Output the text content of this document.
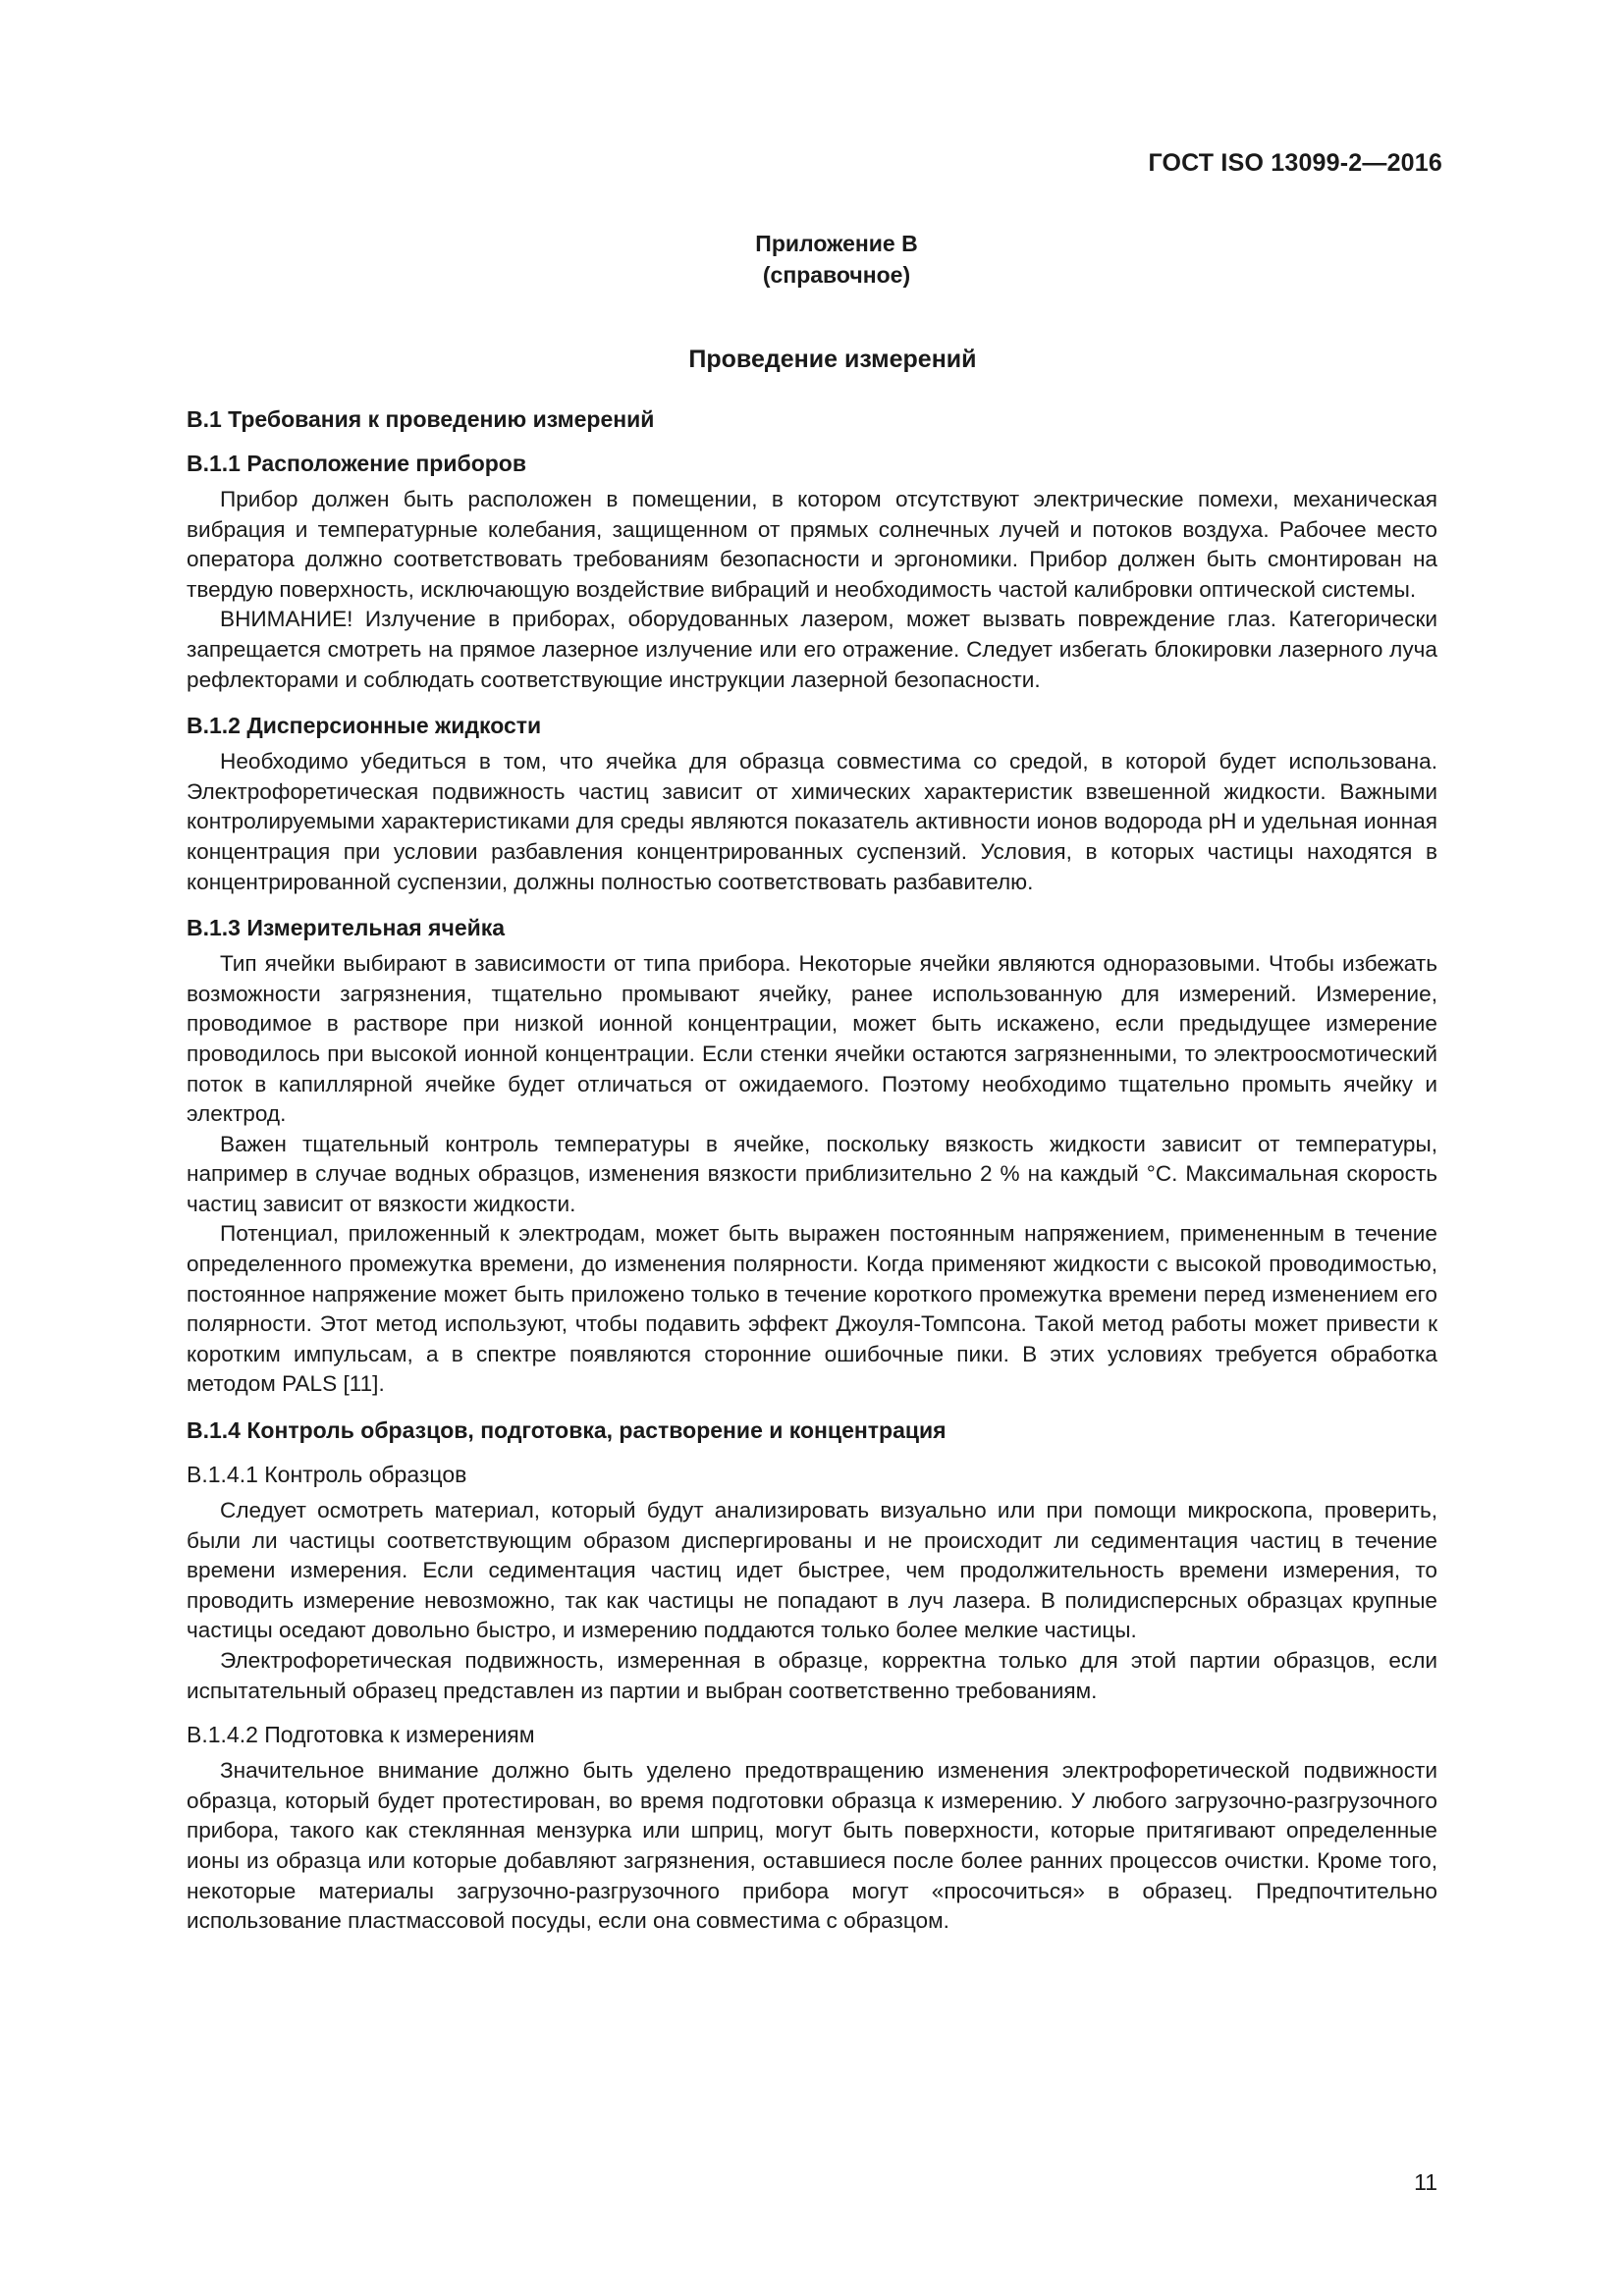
ГОСТ ISO 13099-2—2016
Приложение В
(справочное)
Проведение измерений
В.1 Требования к проведению измерений
В.1.1 Расположение приборов

Прибор должен быть расположен в помещении, в котором отсутствуют электрические помехи, механическая вибрация и температурные колебания, защищенном от прямых солнечных лучей и потоков воздуха. Рабочее место оператора должно соответствовать требованиям безопасности и эргономики. Прибор должен быть смонтирован на твердую поверхность, исключающую воздействие вибраций и необходимость частой калибровки оптической системы.

ВНИМАНИЕ! Излучение в приборах, оборудованных лазером, может вызвать повреждение глаз. Категорически запрещается смотреть на прямое лазерное излучение или его отражение. Следует избегать блокировки лазерного луча рефлекторами и соблюдать соответствующие инструкции лазерной безопасности.

В.1.2 Дисперсионные жидкости

Необходимо убедиться в том, что ячейка для образца совместима со средой, в которой будет использована. Электрофоретическая подвижность частиц зависит от химических характеристик взвешенной жидкости. Важными контролируемыми характеристиками для среды являются показатель активности ионов водорода pH и удельная ионная концентрация при условии разбавления концентрированных суспензий. Условия, в которых частицы находятся в концентрированной суспензии, должны полностью соответствовать разбавителю.

В.1.3 Измерительная ячейка

Тип ячейки выбирают в зависимости от типа прибора. Некоторые ячейки являются одноразовыми. Чтобы избежать возможности загрязнения, тщательно промывают ячейку, ранее использованную для измерений. Измерение, проводимое в растворе при низкой ионной концентрации, может быть искажено, если предыдущее измерение проводилось при высокой ионной концентрации. Если стенки ячейки остаются загрязненными, то электроосмотический поток в капиллярной ячейке будет отличаться от ожидаемого. Поэтому необходимо тщательно промыть ячейку и электрод.

Важен тщательный контроль температуры в ячейке, поскольку вязкость жидкости зависит от температуры, например в случае водных образцов, изменения вязкости приблизительно 2 % на каждый °C. Максимальная скорость частиц зависит от вязкости жидкости.

Потенциал, приложенный к электродам, может быть выражен постоянным напряжением, примененным в течение определенного промежутка времени, до изменения полярности. Когда применяют жидкости с высокой проводимостью, постоянное напряжение может быть приложено только в течение короткого промежутка времени перед изменением его полярности. Этот метод используют, чтобы подавить эффект Джоуля-Томпсона. Такой метод работы может привести к коротким импульсам, а в спектре появляются сторонние ошибочные пики. В этих условиях требуется обработка методом PALS [11].

В.1.4 Контроль образцов, подготовка, растворение и концентрация
В.1.4.1 Контроль образцов

Следует осмотреть материал, который будут анализировать визуально или при помощи микроскопа, проверить, были ли частицы соответствующим образом диспергированы и не происходит ли седиментация частиц в течение времени измерения. Если седиментация частиц идет быстрее, чем продолжительность времени измерения, то проводить измерение невозможно, так как частицы не попадают в луч лазера. В полидисперсных образцах крупные частицы оседают довольно быстро, и измерению поддаются только более мелкие частицы.

Электрофоретическая подвижность, измеренная в образце, корректна только для этой партии образцов, если испытательный образец представлен из партии и выбран соответственно требованиям.

В.1.4.2 Подготовка к измерениям

Значительное внимание должно быть уделено предотвращению изменения электрофоретической подвижности образца, который будет протестирован, во время подготовки образца к измерению. У любого загрузочно-разгрузочного прибора, такого как стеклянная мензурка или шприц, могут быть поверхности, которые притягивают определенные ионы из образца или которые добавляют загрязнения, оставшиеся после более ранних процессов очистки. Кроме того, некоторые материалы загрузочно-разгрузочного прибора могут «просочиться» в образец. Предпочтительно использование пластмассовой посуды, если она совместима с образцом.

11
